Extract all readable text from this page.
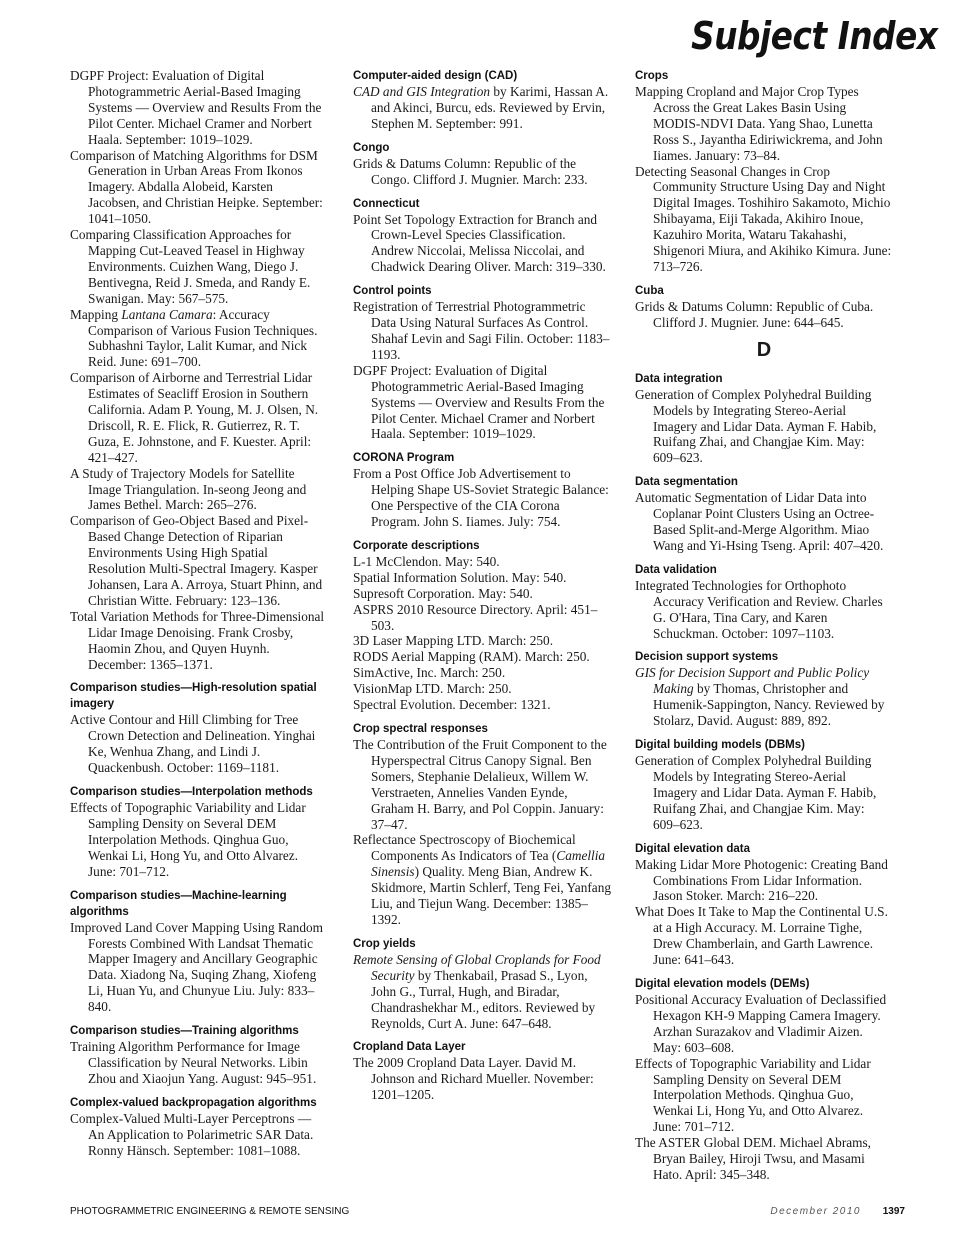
Subject Index

DGPF Project: Evaluation of Digital Photogrammetric Aerial-Based Imaging Systems — Overview and Results From the Pilot Center. Michael Cramer and Norbert Haala. September: 1019–1029.

Comparison of Matching Algorithms for DSM Generation in Urban Areas From Ikonos Imagery. Abdalla Alobeid, Karsten Jacobsen, and Christian Heipke. September: 1041–1050.

Comparing Classification Approaches for Mapping Cut-Leaved Teasel in Highway Environments. Cuizhen Wang, Diego J. Bentivegna, Reid J. Smeda, and Randy E. Swanigan. May: 567–575.

Mapping Lantana Camara: Accuracy Comparison of Various Fusion Techniques. Subhashni Taylor, Lalit Kumar, and Nick Reid. June: 691–700.

Comparison of Airborne and Terrestrial Lidar Estimates of Seacliff Erosion in Southern California. Adam P. Young, M. J. Olsen, N. Driscoll, R. E. Flick, R. Gutierrez, R. T. Guza, E. Johnstone, and F. Kuester. April: 421–427.

A Study of Trajectory Models for Satellite Image Triangulation. In-seong Jeong and James Bethel. March: 265–276.

Comparison of Geo-Object Based and Pixel-Based Change Detection of Riparian Environments Using High Spatial Resolution Multi-Spectral Imagery. Kasper Johansen, Lara A. Arroya, Stuart Phinn, and Christian Witte. February: 123–136.

Total Variation Methods for Three-Dimensional Lidar Image Denoising. Frank Crosby, Haomin Zhou, and Quyen Huynh. December: 1365–1371.

Comparison studies—High-resolution spatial imagery

Active Contour and Hill Climbing for Tree Crown Detection and Delineation. Yinghai Ke, Wenhua Zhang, and Lindi J. Quackenbush. October: 1169–1181.

Comparison studies—Interpolation methods

Effects of Topographic Variability and Lidar Sampling Density on Several DEM Interpolation Methods. Qinghua Guo, Wenkai Li, Hong Yu, and Otto Alvarez. June: 701–712.

Comparison studies—Machine-learning algorithms

Improved Land Cover Mapping Using Random Forests Combined With Landsat Thematic Mapper Imagery and Ancillary Geographic Data. Xiadong Na, Suqing Zhang, Xiofeng Li, Huan Yu, and Chunyue Liu. July: 833–840.

Comparison studies—Training algorithms

Training Algorithm Performance for Image Classification by Neural Networks. Libin Zhou and Xiaojun Yang. August: 945–951.

Complex-valued backpropagation algorithms

Complex-Valued Multi-Layer Perceptrons — An Application to Polarimetric SAR Data. Ronny Hänsch. September: 1081–1088.

Computer-aided design (CAD)

CAD and GIS Integration by Karimi, Hassan A. and Akinci, Burcu, eds. Reviewed by Ervin, Stephen M. September: 991.

Congo

Grids & Datums Column: Republic of the Congo. Clifford J. Mugnier. March: 233.

Connecticut

Point Set Topology Extraction for Branch and Crown-Level Species Classification. Andrew Niccolai, Melissa Niccolai, and Chadwick Dearing Oliver. March: 319–330.

Control points

Registration of Terrestrial Photogrammetric Data Using Natural Surfaces As Control. Shahaf Levin and Sagi Filin. October: 1183–1193.

DGPF Project: Evaluation of Digital Photogrammetric Aerial-Based Imaging Systems — Overview and Results From the Pilot Center. Michael Cramer and Norbert Haala. September: 1019–1029.

CORONA Program

From a Post Office Job Advertisement to Helping Shape US-Soviet Strategic Balance: One Perspective of the CIA Corona Program. John S. Iiames. July: 754.

Corporate descriptions

L-1 McClendon. May: 540.

Spatial Information Solution. May: 540.

Supresoft Corporation. May: 540.

ASPRS 2010 Resource Directory. April: 451–503.

3D Laser Mapping LTD. March: 250.

RODS Aerial Mapping (RAM). March: 250.

SimActive, Inc. March: 250.

VisionMap LTD. March: 250.

Spectral Evolution. December: 1321.

Crop spectral responses

The Contribution of the Fruit Component to the Hyperspectral Citrus Canopy Signal. Ben Somers, Stephanie Delalieux, Willem W. Verstraeten, Annelies Vanden Eynde, Graham H. Barry, and Pol Coppin. January: 37–47.

Reflectance Spectroscopy of Biochemical Components As Indicators of Tea (Camellia Sinensis) Quality. Meng Bian, Andrew K. Skidmore, Martin Schlerf, Teng Fei, Yanfang Liu, and Tiejun Wang. December: 1385–1392.

Crop yields

Remote Sensing of Global Croplands for Food Security by Thenkabail, Prasad S., Lyon, John G., Turral, Hugh, and Biradar, Chandrashekhar M., editors. Reviewed by Reynolds, Curt A. June: 647–648.

Cropland Data Layer

The 2009 Cropland Data Layer. David M. Johnson and Richard Mueller. November: 1201–1205.

Crops

Mapping Cropland and Major Crop Types Across the Great Lakes Basin Using MODIS-NDVI Data. Yang Shao, Lunetta Ross S., Jayantha Ediriwickrema, and John Iiames. January: 73–84.

Detecting Seasonal Changes in Crop Community Structure Using Day and Night Digital Images. Toshihiro Sakamoto, Michio Shibayama, Eiji Takada, Akihiro Inoue, Kazuhiro Morita, Wataru Takahashi, Shigenori Miura, and Akihiko Kimura. June: 713–726.

Cuba

Grids & Datums Column: Republic of Cuba. Clifford J. Mugnier. June: 644–645.

D

Data integration

Generation of Complex Polyhedral Building Models by Integrating Stereo-Aerial Imagery and Lidar Data. Ayman F. Habib, Ruifang Zhai, and Changjae Kim. May: 609–623.

Data segmentation

Automatic Segmentation of Lidar Data into Coplanar Point Clusters Using an Octree-Based Split-and-Merge Algorithm. Miao Wang and Yi-Hsing Tseng. April: 407–420.

Data validation

Integrated Technologies for Orthophoto Accuracy Verification and Review. Charles G. O'Hara, Tina Cary, and Karen Schuckman. October: 1097–1103.

Decision support systems

GIS for Decision Support and Public Policy Making by Thomas, Christopher and Humenik-Sappington, Nancy. Reviewed by Stolarz, David. August: 889, 892.

Digital building models (DBMs)

Generation of Complex Polyhedral Building Models by Integrating Stereo-Aerial Imagery and Lidar Data. Ayman F. Habib, Ruifang Zhai, and Changjae Kim. May: 609–623.

Digital elevation data

Making Lidar More Photogenic: Creating Band Combinations From Lidar Information. Jason Stoker. March: 216–220.

What Does It Take to Map the Continental U.S. at a High Accuracy. M. Lorraine Tighe, Drew Chamberlain, and Garth Lawrence. June: 641–643.

Digital elevation models (DEMs)

Positional Accuracy Evaluation of Declassified Hexagon KH-9 Mapping Camera Imagery. Arzhan Surazakov and Vladimir Aizen. May: 603–608.

Effects of Topographic Variability and Lidar Sampling Density on Several DEM Interpolation Methods. Qinghua Guo, Wenkai Li, Hong Yu, and Otto Alvarez. June: 701–712.

The ASTER Global DEM. Michael Abrams, Bryan Bailey, Hiroji Twsu, and Masami Hato. April: 345–348.

PHOTOGRAMMETRIC ENGINEERING & REMOTE SENSING	December 2010 1397
